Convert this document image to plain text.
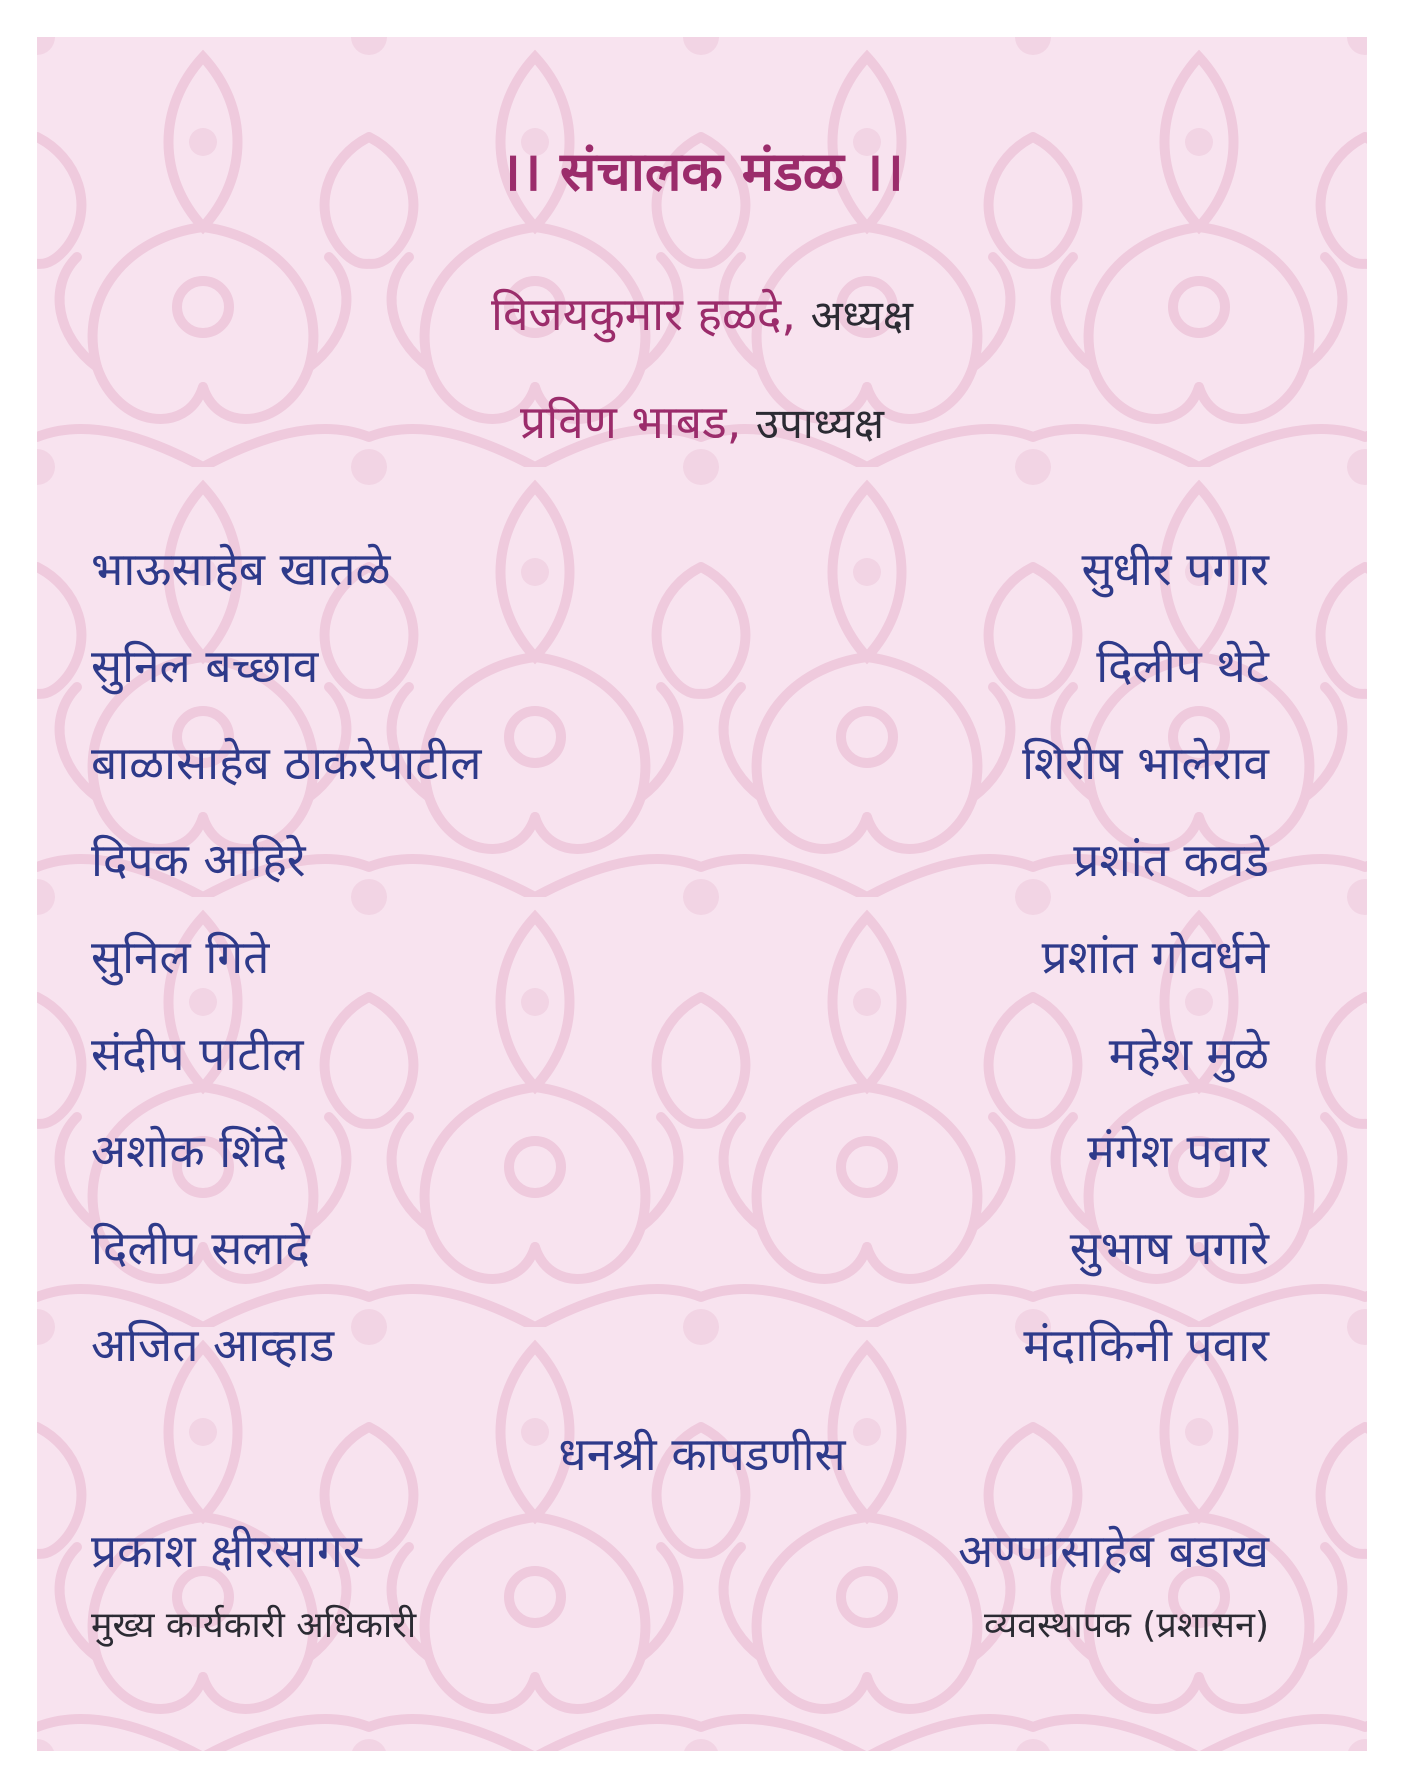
।। संचालक मंडळ ।।
विजयकुमार हळदे, अध्यक्ष
प्रविण भाबड, उपाध्यक्ष
भाऊसाहेब खातळे
सुनिल बच्छाव
बाळासाहेब ठाकरेपाटील
दिपक आहिरे
सुनिल गिते
संदीप पाटील
अशोक शिंदे
दिलीप सलादे
अजित आव्हाड
सुधीर पगार
दिलीप थेटे
शिरीष भालेराव
प्रशांत कवडे
प्रशांत गोवर्धने
महेश मुळे
मंगेश पवार
सुभाष पगारे
मंदाकिनी पवार
धनश्री कापडणीस
प्रकाश क्षीरसागर
मुख्य कार्यकारी अधिकारी
अण्णासाहेब बडाख
व्यवस्थापक (प्रशासन)
